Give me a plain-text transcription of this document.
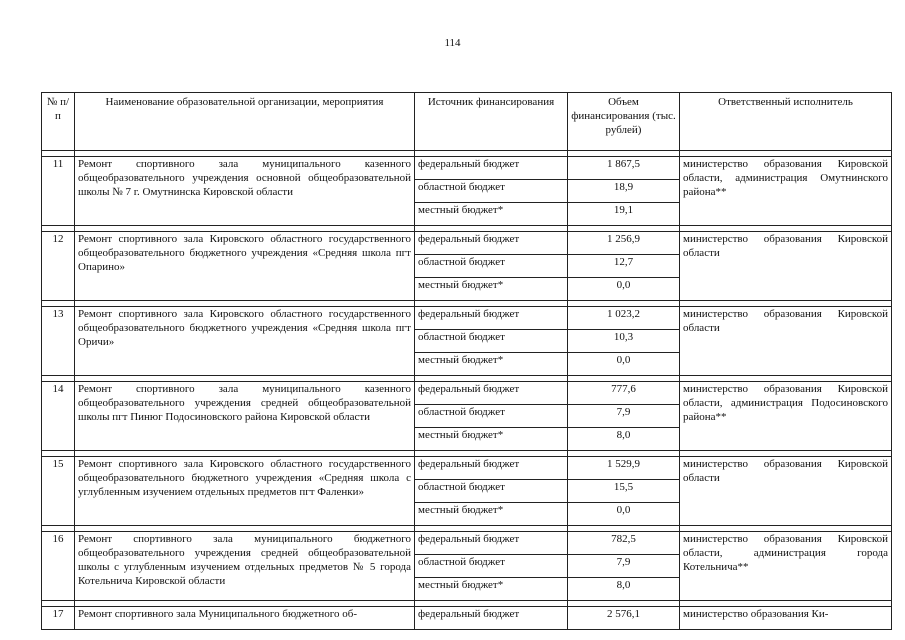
114
№ п/п	Наименование образовательной организации, мероприятия	Источник финансирования	Объем финансирования (тыс. рублей)	Ответственный исполнитель

11	Ремонт спортивного зала муниципального казенного общеобразовательного учреждения основной общеобразовательной школы № 7 г. Омутнинска Кировской области	федеральный бюджет	1 867,5	министерство образования Кировской области, администрация Омутнинского района**
		областной бюджет	18,9	
		местный бюджет*	19,1	

12	Ремонт спортивного зала Кировского областного государственного общеобразовательного бюджетного учреждения «Средняя школа пгт Опарино»	федеральный бюджет	1 256,9	министерство образования Кировской области
		областной бюджет	12,7	
		местный бюджет*	0,0	

13	Ремонт спортивного зала Кировского областного государственного общеобразовательного бюджетного учреждения «Средняя школа пгт Оричи»	федеральный бюджет	1 023,2	министерство образования Кировской области
		областной бюджет	10,3	
		местный бюджет*	0,0	

14	Ремонт спортивного зала муниципального казенного общеобразовательного учреждения средней общеобразовательной школы пгт Пинюг Подосиновского района Кировской области	федеральный бюджет	777,6	министерство образования Кировской области, администрация Подосиновского района**
		областной бюджет	7,9	
		местный бюджет*	8,0	

15	Ремонт спортивного зала Кировского областного государственного общеобразовательного бюджетного учреждения «Средняя школа с углубленным изучением отдельных предметов пгт Фаленки»	федеральный бюджет	1 529,9	министерство образования Кировской области
		областной бюджет	15,5	
		местный бюджет*	0,0	

16	Ремонт спортивного зала муниципального бюджетного общеобразовательного учреждения средней общеобразовательной школы с углубленным изучением отдельных предметов № 5 города Котельнича Кировской области	федеральный бюджет	782,5	министерство образования Кировской области, администрация города Котельнича**
		областной бюджет	7,9	
		местный бюджет*	8,0	

17	Ремонт спортивного зала Муниципального бюджетного об-	федеральный бюджет	2 576,1	министерство образования Ки-
